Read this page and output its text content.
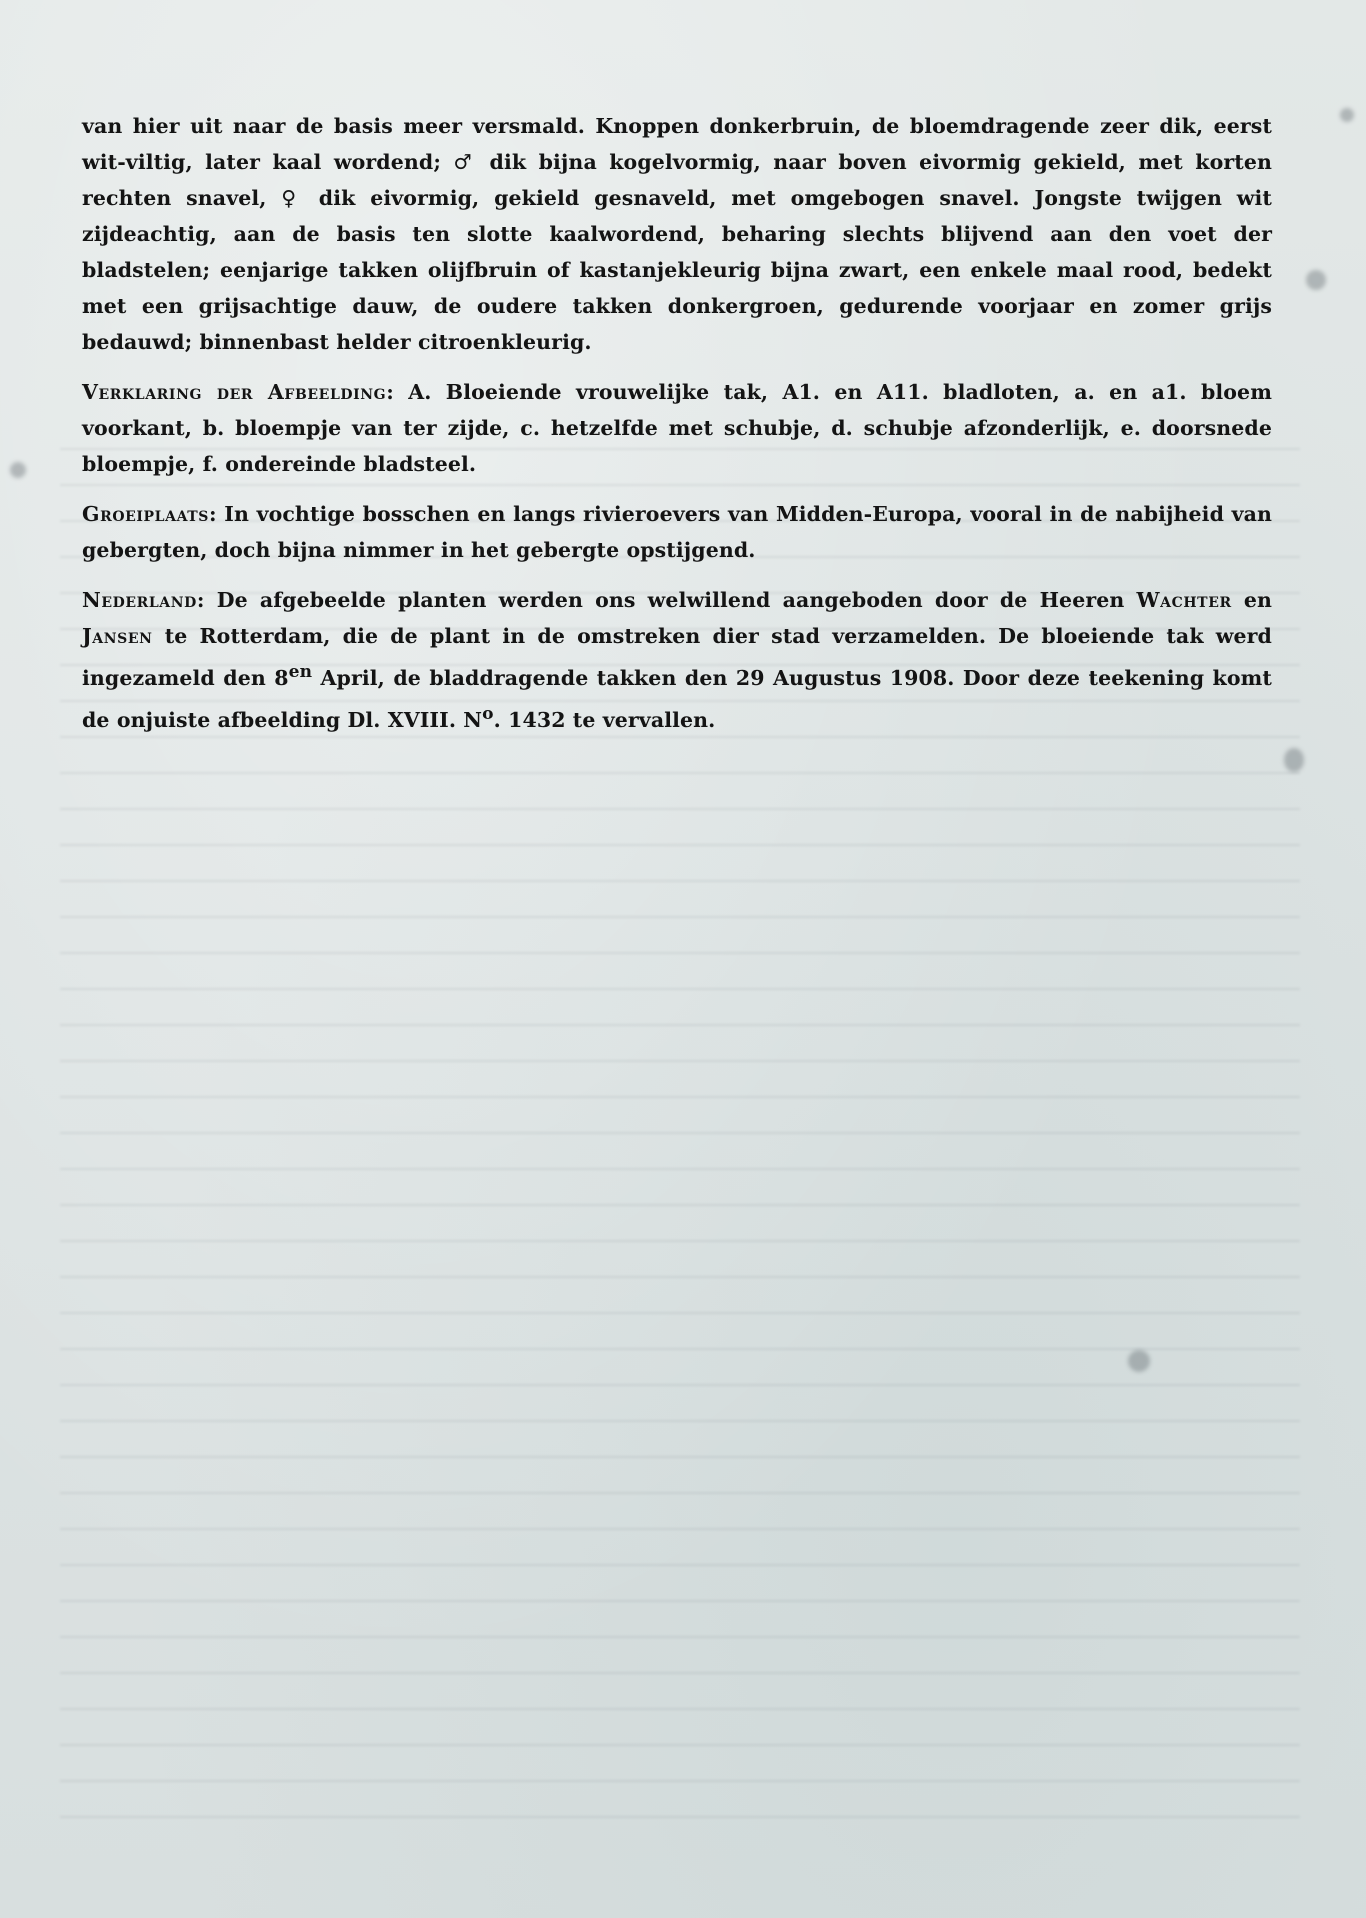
van hier uit naar de basis meer versmald. Knoppen donkerbruin, de bloemdragende zeer dik, eerst wit-viltig, later kaal wordend; ♂ dik bijna kogelvormig, naar boven eivormig gekield, met korten rechten snavel, ♀ dik eivormig, gekield gesnaveld, met omgebogen snavel. Jongste twijgen wit zijdeachtig, aan de basis ten slotte kaalwordend, beharing slechts blijvend aan den voet der bladstelen; eenjarige takken olijfbruin of kastanjekleurig bijna zwart, een enkele maal rood, bedekt met een grijsachtige dauw, de oudere takken donkergroen, gedurende voorjaar en zomer grijs bedauwd; binnenbast helder citroenkleurig.

Verklaring der Afbeelding: A. Bloeiende vrouwelijke tak, A1. en A11. bladloten, a. en a1. bloem voorkant, b. bloempje van ter zijde, c. hetzelfde met schubje, d. schubje afzonderlijk, e. doorsnede bloempje, f. ondereinde bladsteel.

Groeiplaats: In vochtige bosschen en langs rivieroevers van Midden-Europa, vooral in de nabijheid van gebergten, doch bijna nimmer in het gebergte opstijgend.

Nederland: De afgebeelde planten werden ons welwillend aangeboden door de Heeren Wachter en Jansen te Rotterdam, die de plant in de omstreken dier stad verzamelden. De bloeiende tak werd ingezameld den $8^{en}$ April, de bladdragende takken den 29 Augustus 1908. Door deze teekening komt de onjuiste afbeelding Dl. XVIII. $N^o$. 1432 te vervallen.
